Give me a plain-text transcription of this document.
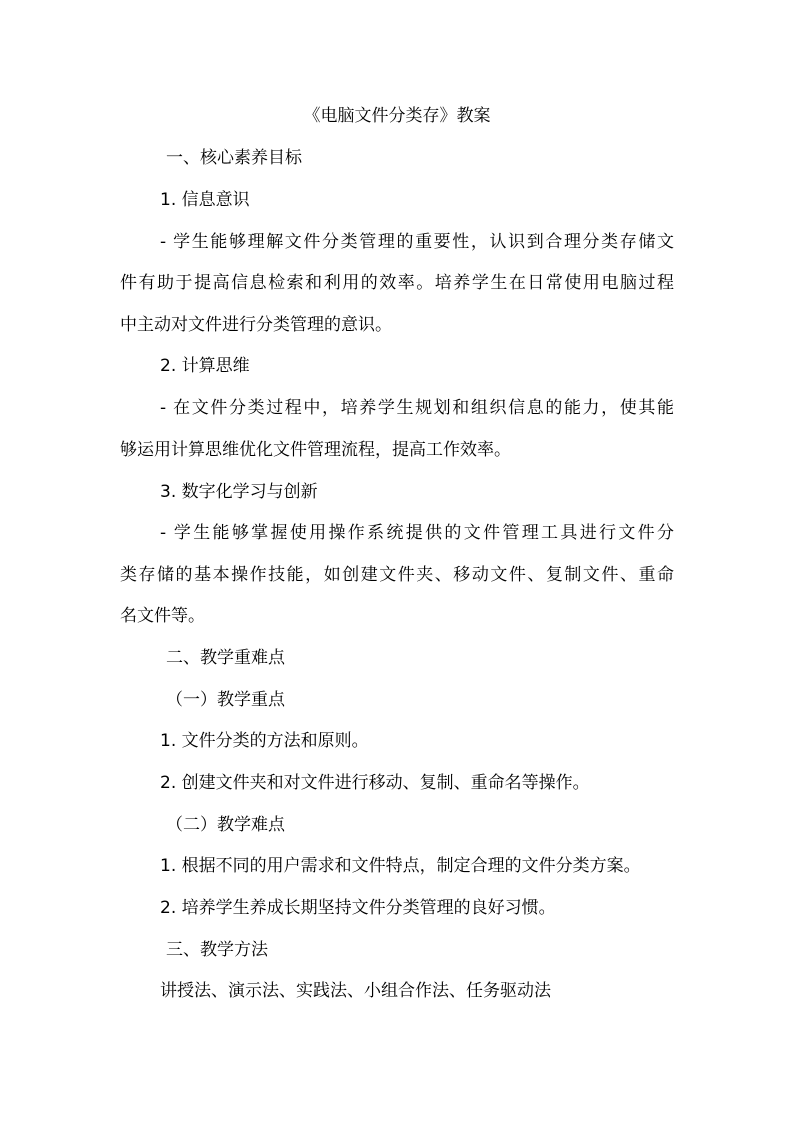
《电脑文件分类存》教案
一、核心素养目标
1. 信息意识
- 学生能够理解文件分类管理的重要性，认识到合理分类存储文
件有助于提高信息检索和利用的效率。培养学生在日常使用电脑过程
中主动对文件进行分类管理的意识。
2. 计算思维
- 在文件分类过程中，培养学生规划和组织信息的能力，使其能
够运用计算思维优化文件管理流程，提高工作效率。
3. 数字化学习与创新
- 学生能够掌握使用操作系统提供的文件管理工具进行文件分
类存储的基本操作技能，如创建文件夹、移动文件、复制文件、重命
名文件等。
二、教学重难点
（一）教学重点
1. 文件分类的方法和原则。
2. 创建文件夹和对文件进行移动、复制、重命名等操作。
（二）教学难点
1. 根据不同的用户需求和文件特点，制定合理的文件分类方案。
2. 培养学生养成长期坚持文件分类管理的良好习惯。
三、教学方法
讲授法、演示法、实践法、小组合作法、任务驱动法
